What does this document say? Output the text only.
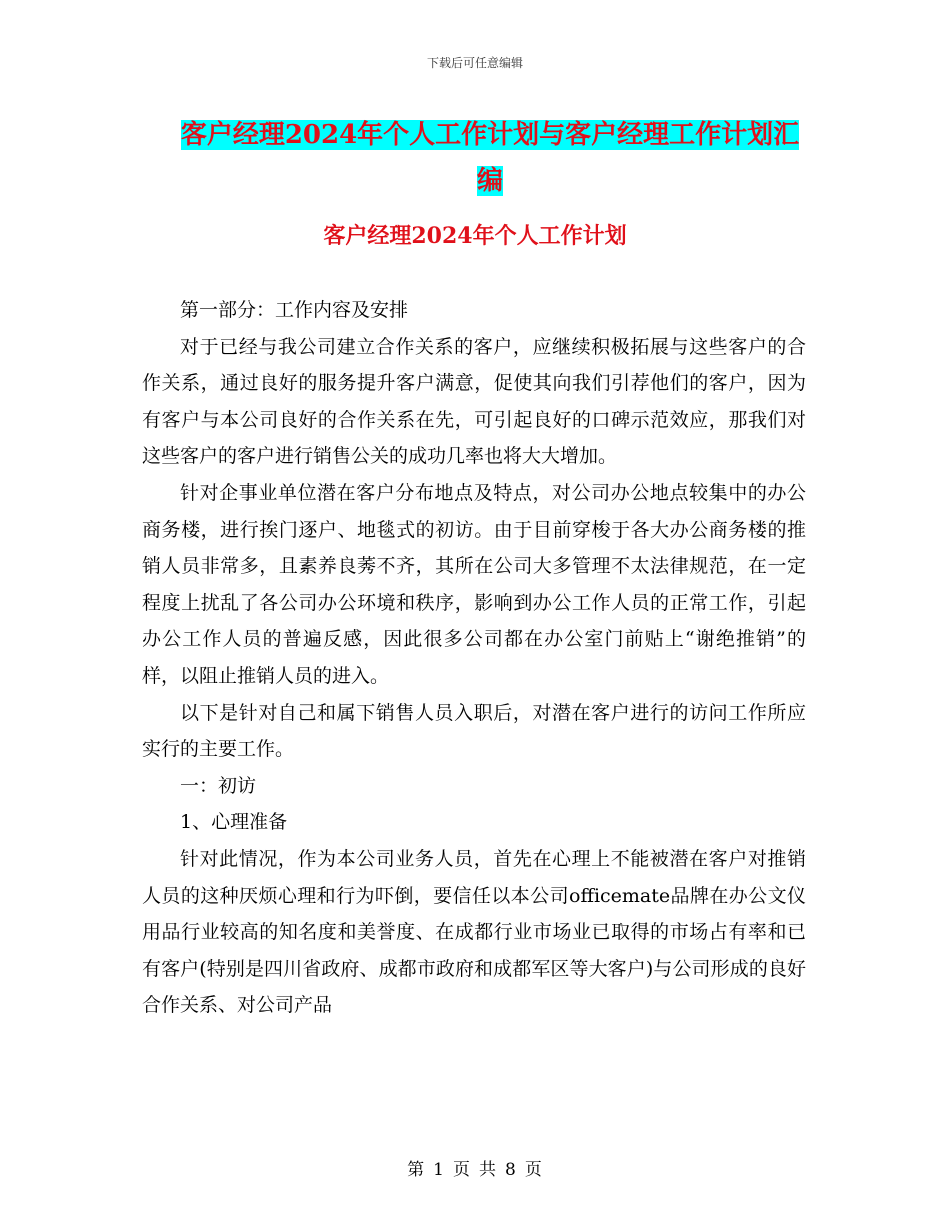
下载后可任意编辑
客户经理2024年个人工作计划与客户经理工作计划汇
编
客户经理2024年个人工作计划

第一部分：工作内容及安排

对于已经与我公司建立合作关系的客户，应继续积极拓展与这些客户的合作关系，通过良好的服务提升客户满意，促使其向我们引荐他们的客户，因为有客户与本公司良好的合作关系在先，可引起良好的口碑示范效应，那我们对这些客户的客户进行销售公关的成功几率也将大大增加。

针对企事业单位潜在客户分布地点及特点，对公司办公地点较集中的办公商务楼，进行挨门逐户、地毯式的初访。由于目前穿梭于各大办公商务楼的推销人员非常多，且素养良莠不齐，其所在公司大多管理不太法律规范，在一定程度上扰乱了各公司办公环境和秩序，影响到办公工作人员的正常工作，引起办公工作人员的普遍反感，因此很多公司都在办公室门前贴上“谢绝推销”的样，以阻止推销人员的进入。

以下是针对自己和属下销售人员入职后，对潜在客户进行的访问工作所应实行的主要工作。

一：初访

1、心理准备

针对此情况，作为本公司业务人员，首先在心理上不能被潜在客户对推销人员的这种厌烦心理和行为吓倒，要信任以本公司officemate品牌在办公文仪用品行业较高的知名度和美誉度、在成都行业市场业已取得的市场占有率和已有客户(特别是四川省政府、成都市政府和成都军区等大客户)与公司形成的良好合作关系、对公司产品

第 1 页 共 8 页
